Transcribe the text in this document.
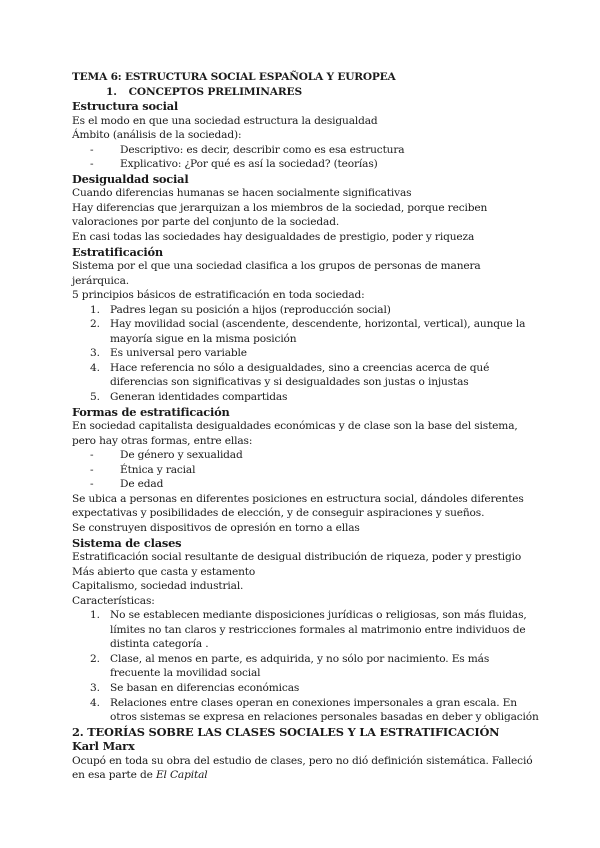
TEMA 6: ESTRUCTURA SOCIAL ESPAÑOLA Y EUROPEA

1. CONCEPTOS PRELIMINARES

Estructura social

Es el modo en que una sociedad estructura la desigualdad

Ámbito (análisis de la sociedad):

-	Descriptivo: es decir, describir como es esa estructura
-	Explicativo: ¿Por qué es así la sociedad? (teorías)

Desigualdad social

Cuando diferencias humanas se hacen socialmente significativas

Hay diferencias que jerarquizan a los miembros de la sociedad, porque reciben valoraciones por parte del conjunto de la sociedad.

En casi todas las sociedades hay desigualdades de prestigio, poder y riqueza

Estratificación

Sistema por el que una sociedad clasifica a los grupos de personas de manera jerárquica.

5 principios básicos de estratificación en toda sociedad:

1. Padres legan su posición a hijos (reproducción social)
2. Hay movilidad social (ascendente, descendente, horizontal, vertical), aunque la mayoría sigue en la misma posición
3. Es universal pero variable
4. Hace referencia no sólo a desigualdades, sino a creencias acerca de qué diferencias son significativas y si desigualdades son justas o injustas
5. Generan identidades compartidas

Formas de estratificación

En sociedad capitalista desigualdades económicas y de clase son la base del sistema, pero hay otras formas, entre ellas:

-	De género y sexualidad
-	Étnica y racial
-	De edad

Se ubica a personas en diferentes posiciones en estructura social, dándoles diferentes expectativas y posibilidades de elección, y de conseguir aspiraciones y sueños.

Se construyen dispositivos de opresión en torno a ellas

Sistema de clases

Estratificación social resultante de desigual distribución de riqueza, poder y prestigio

Más abierto que casta y estamento

Capitalismo, sociedad industrial.

Características:

1. No se establecen mediante disposiciones jurídicas o religiosas, son más fluidas, límites no tan claros y restricciones formales al matrimonio entre individuos de distinta categoría .
2. Clase, al menos en parte, es adquirida, y no sólo por nacimiento. Es más frecuente la movilidad social
3. Se basan en diferencias económicas
4. Relaciones entre clases operan en conexiones impersonales a gran escala. En otros sistemas se expresa en relaciones personales basadas en deber y obligación

2. TEORÍAS SOBRE LAS CLASES SOCIALES Y LA ESTRATIFICACIÓN

Karl Marx

Ocupó en toda su obra del estudio de clases, pero no dió definición sistemática. Falleció en esa parte de El Capital
